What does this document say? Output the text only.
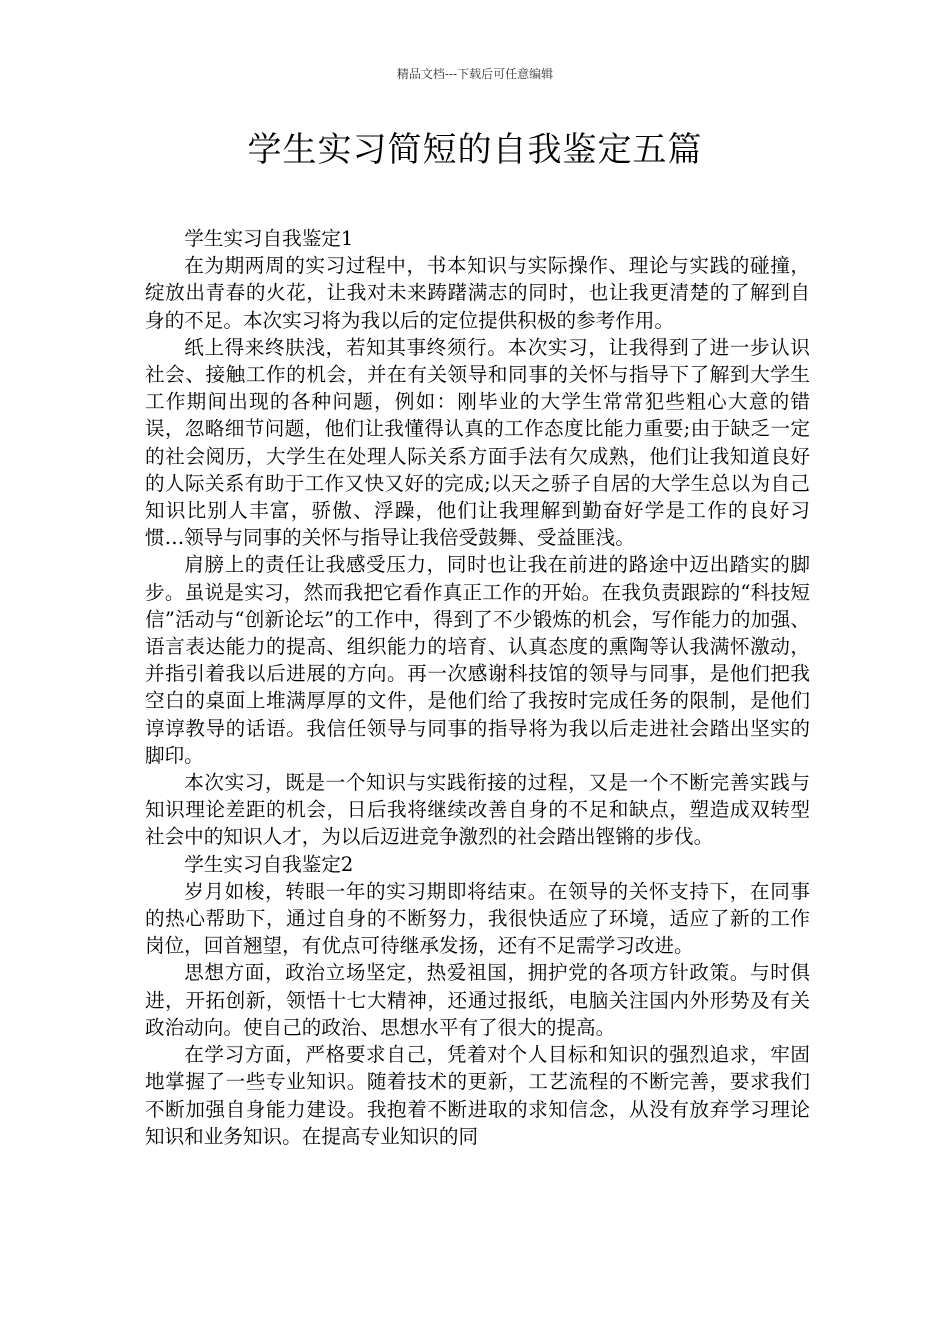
精品文档---下载后可任意编辑
学生实习简短的自我鉴定五篇

学生实习自我鉴定1

在为期两周的实习过程中，书本知识与实际操作、理论与实践的碰撞，绽放出青春的火花，让我对未来踌躇满志的同时，也让我更清楚的了解到自身的不足。本次实习将为我以后的定位提供积极的参考作用。

纸上得来终肤浅，若知其事终须行。本次实习，让我得到了进一步认识社会、接触工作的机会，并在有关领导和同事的关怀与指导下了解到大学生工作期间出现的各种问题，例如：刚毕业的大学生常常犯些粗心大意的错误，忽略细节问题，他们让我懂得认真的工作态度比能力重要;由于缺乏一定的社会阅历，大学生在处理人际关系方面手法有欠成熟，他们让我知道良好的人际关系有助于工作又快又好的完成;以天之骄子自居的大学生总以为自己知识比别人丰富，骄傲、浮躁，他们让我理解到勤奋好学是工作的良好习惯…领导与同事的关怀与指导让我倍受鼓舞、受益匪浅。

肩膀上的责任让我感受压力，同时也让我在前进的路途中迈出踏实的脚步。虽说是实习，然而我把它看作真正工作的开始。在我负责跟踪的“科技短信”活动与“创新论坛”的工作中，得到了不少锻炼的机会，写作能力的加强、语言表达能力的提高、组织能力的培育、认真态度的熏陶等认我满怀激动，并指引着我以后进展的方向。再一次感谢科技馆的领导与同事，是他们把我空白的桌面上堆满厚厚的文件，是他们给了我按时完成任务的限制，是他们谆谆教导的话语。我信任领导与同事的指导将为我以后走进社会踏出坚实的脚印。

本次实习，既是一个知识与实践衔接的过程，又是一个不断完善实践与知识理论差距的机会，日后我将继续改善自身的不足和缺点，塑造成双转型社会中的知识人才，为以后迈进竞争激烈的社会踏出铿锵的步伐。

学生实习自我鉴定2

岁月如梭，转眼一年的实习期即将结束。在领导的关怀支持下，在同事的热心帮助下，通过自身的不断努力，我很快适应了环境，适应了新的工作岗位，回首翘望，有优点可待继承发扬，还有不足需学习改进。

思想方面，政治立场坚定，热爱祖国，拥护党的各项方针政策。与时俱进，开拓创新，领悟十七大精神，还通过报纸，电脑关注国内外形势及有关政治动向。使自己的政治、思想水平有了很大的提高。

在学习方面，严格要求自己，凭着对个人目标和知识的强烈追求，牢固地掌握了一些专业知识。随着技术的更新，工艺流程的不断完善，要求我们不断加强自身能力建设。我抱着不断进取的求知信念，从没有放弃学习理论知识和业务知识。在提高专业知识的同
